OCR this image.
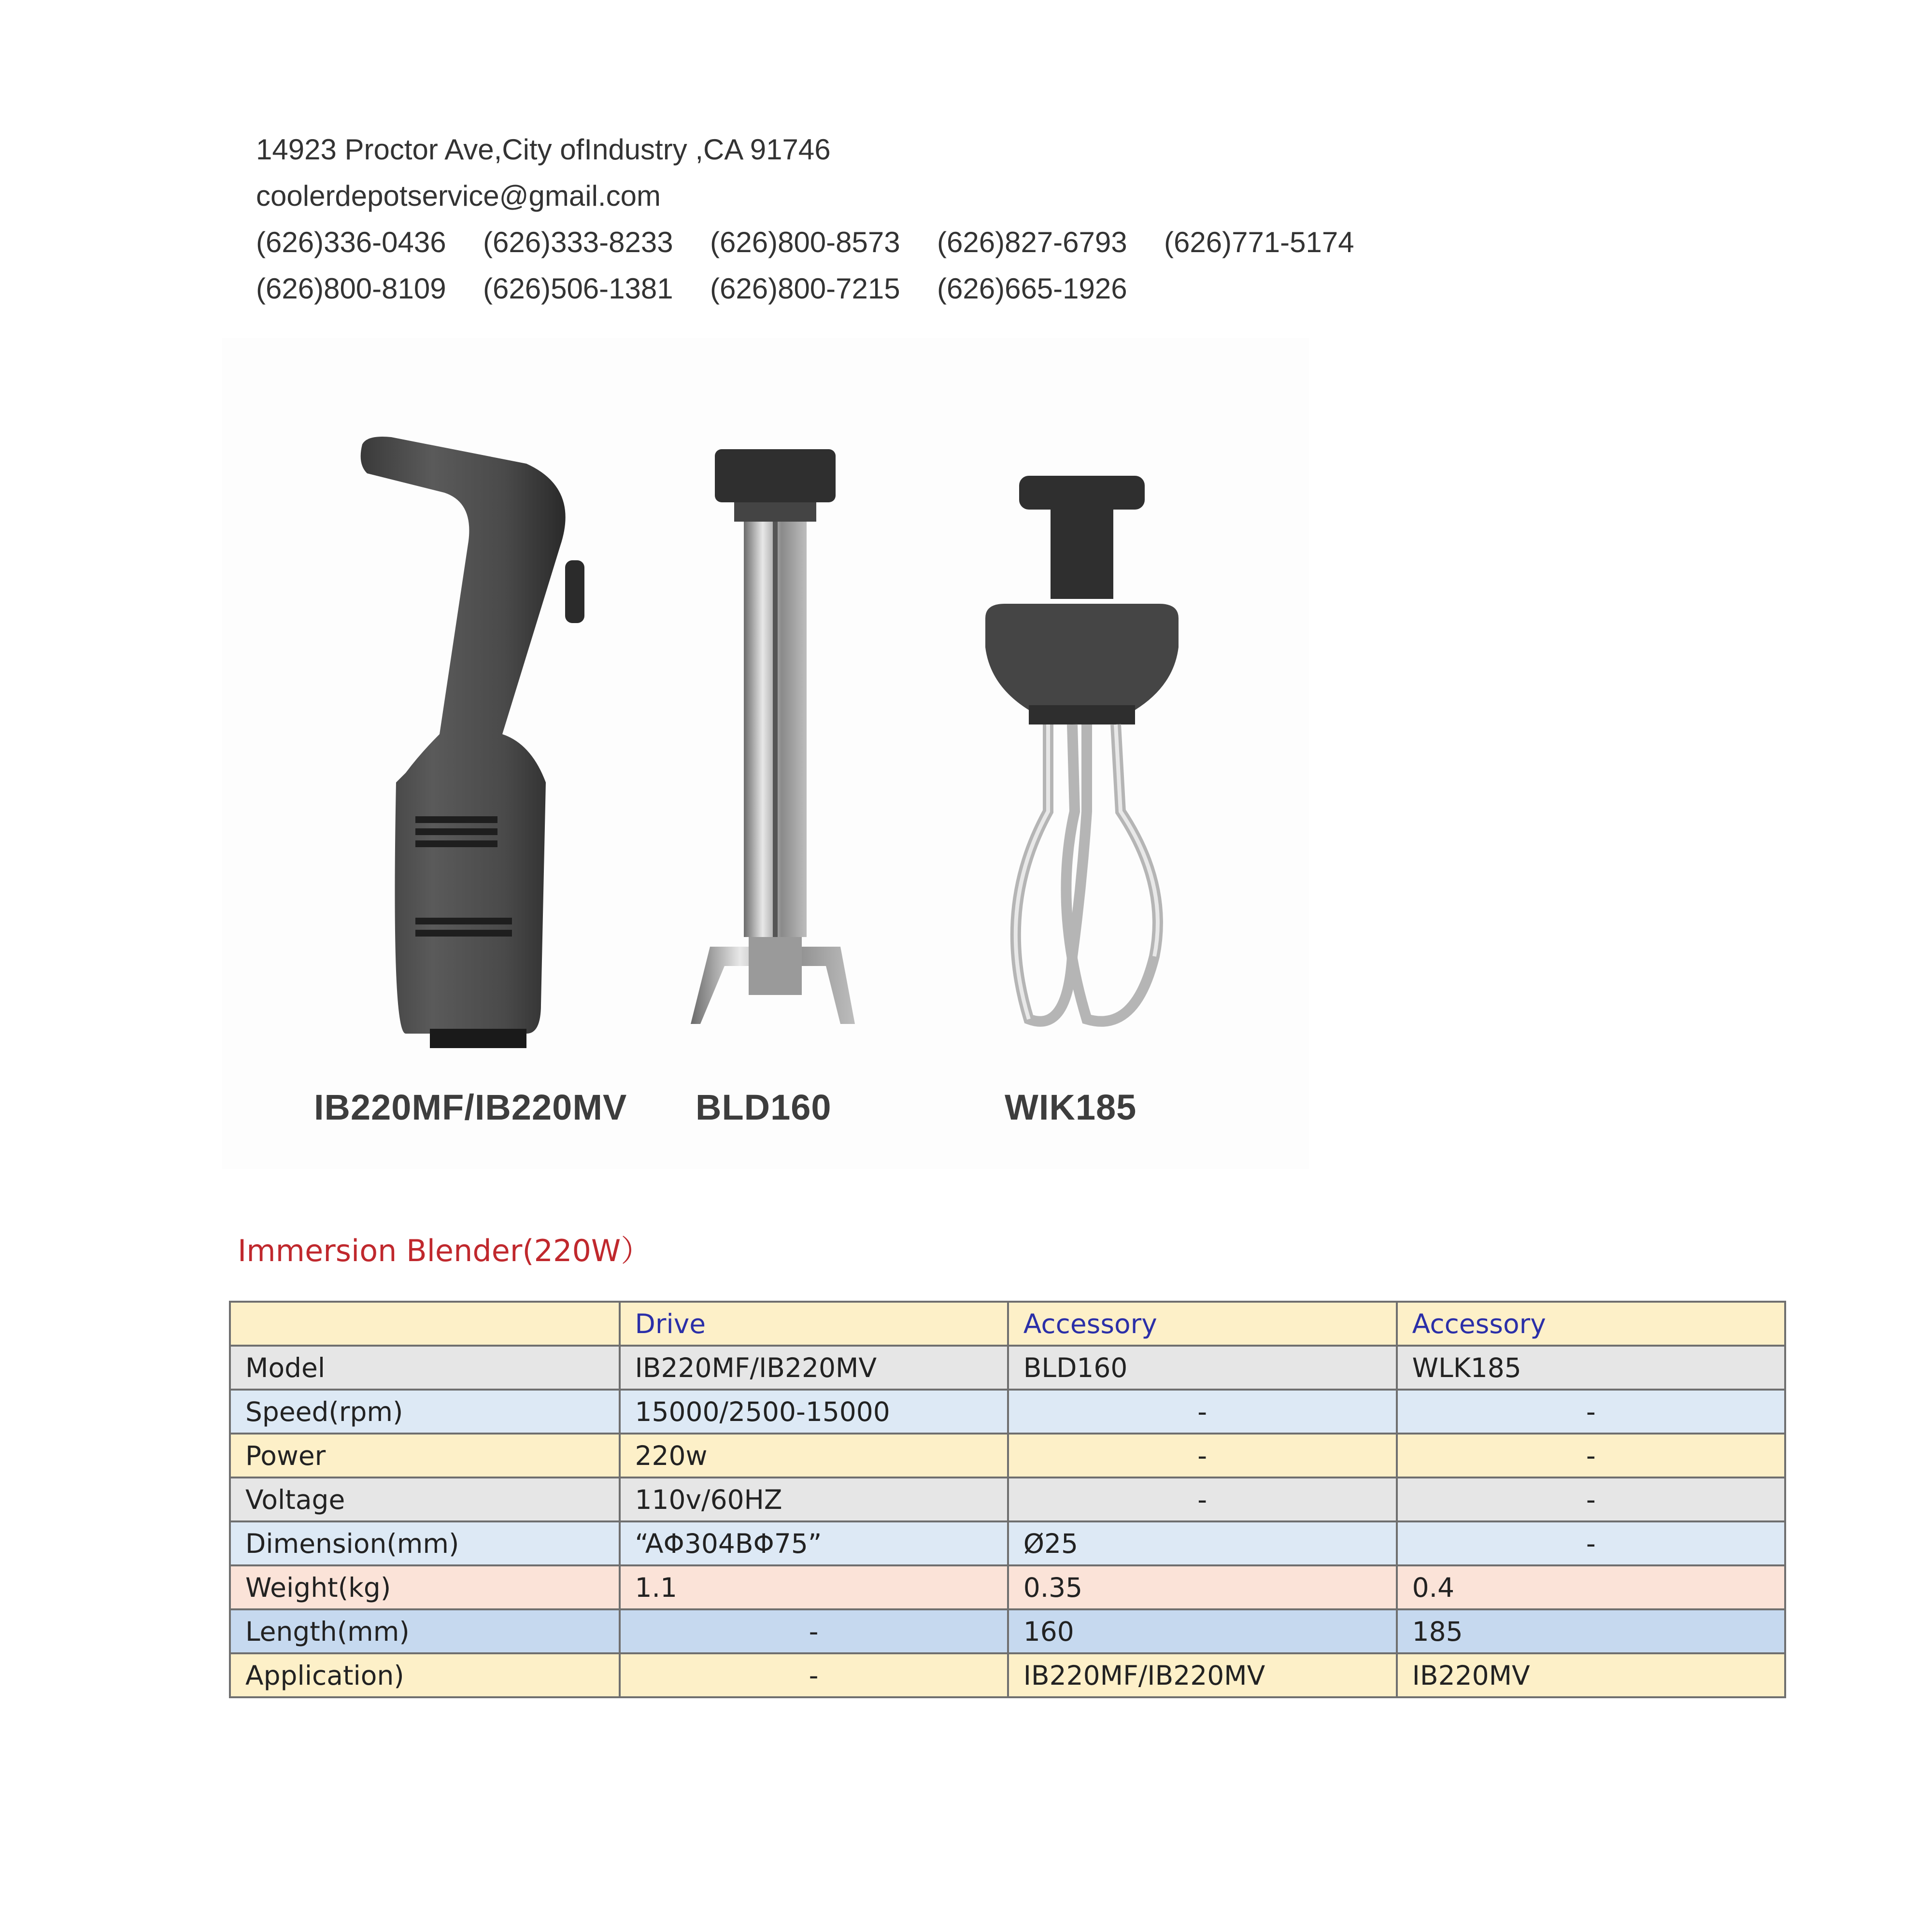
14923 Proctor Ave,City ofIndustry ,CA 91746
coolerdepotservice@gmail.com
(626)336-0436	(626)333-8233	(626)800-8573	(626)827-6793	(626)771-5174
(626)800-8109	(626)506-1381	(626)800-7215	(626)665-1926
IB220MF/IB220MV BLD160	WIK185
Immersion Blender(220W）
	Drive	Accessory	Accessory
Model	IB220MF/IB220MV	BLD160	WLK185
Speed(rpm)	15000/2500-15000	-	-
Power	220w	-	-
Voltage	110v/60HZ	-	-
Dimension(mm)	“AΦ304BΦ75”	Ø25	-
Weight(kg)	1.1	0.35	0.4
Length(mm)	-	160	185
Application)	-	IB220MF/IB220MV	IB220MV
